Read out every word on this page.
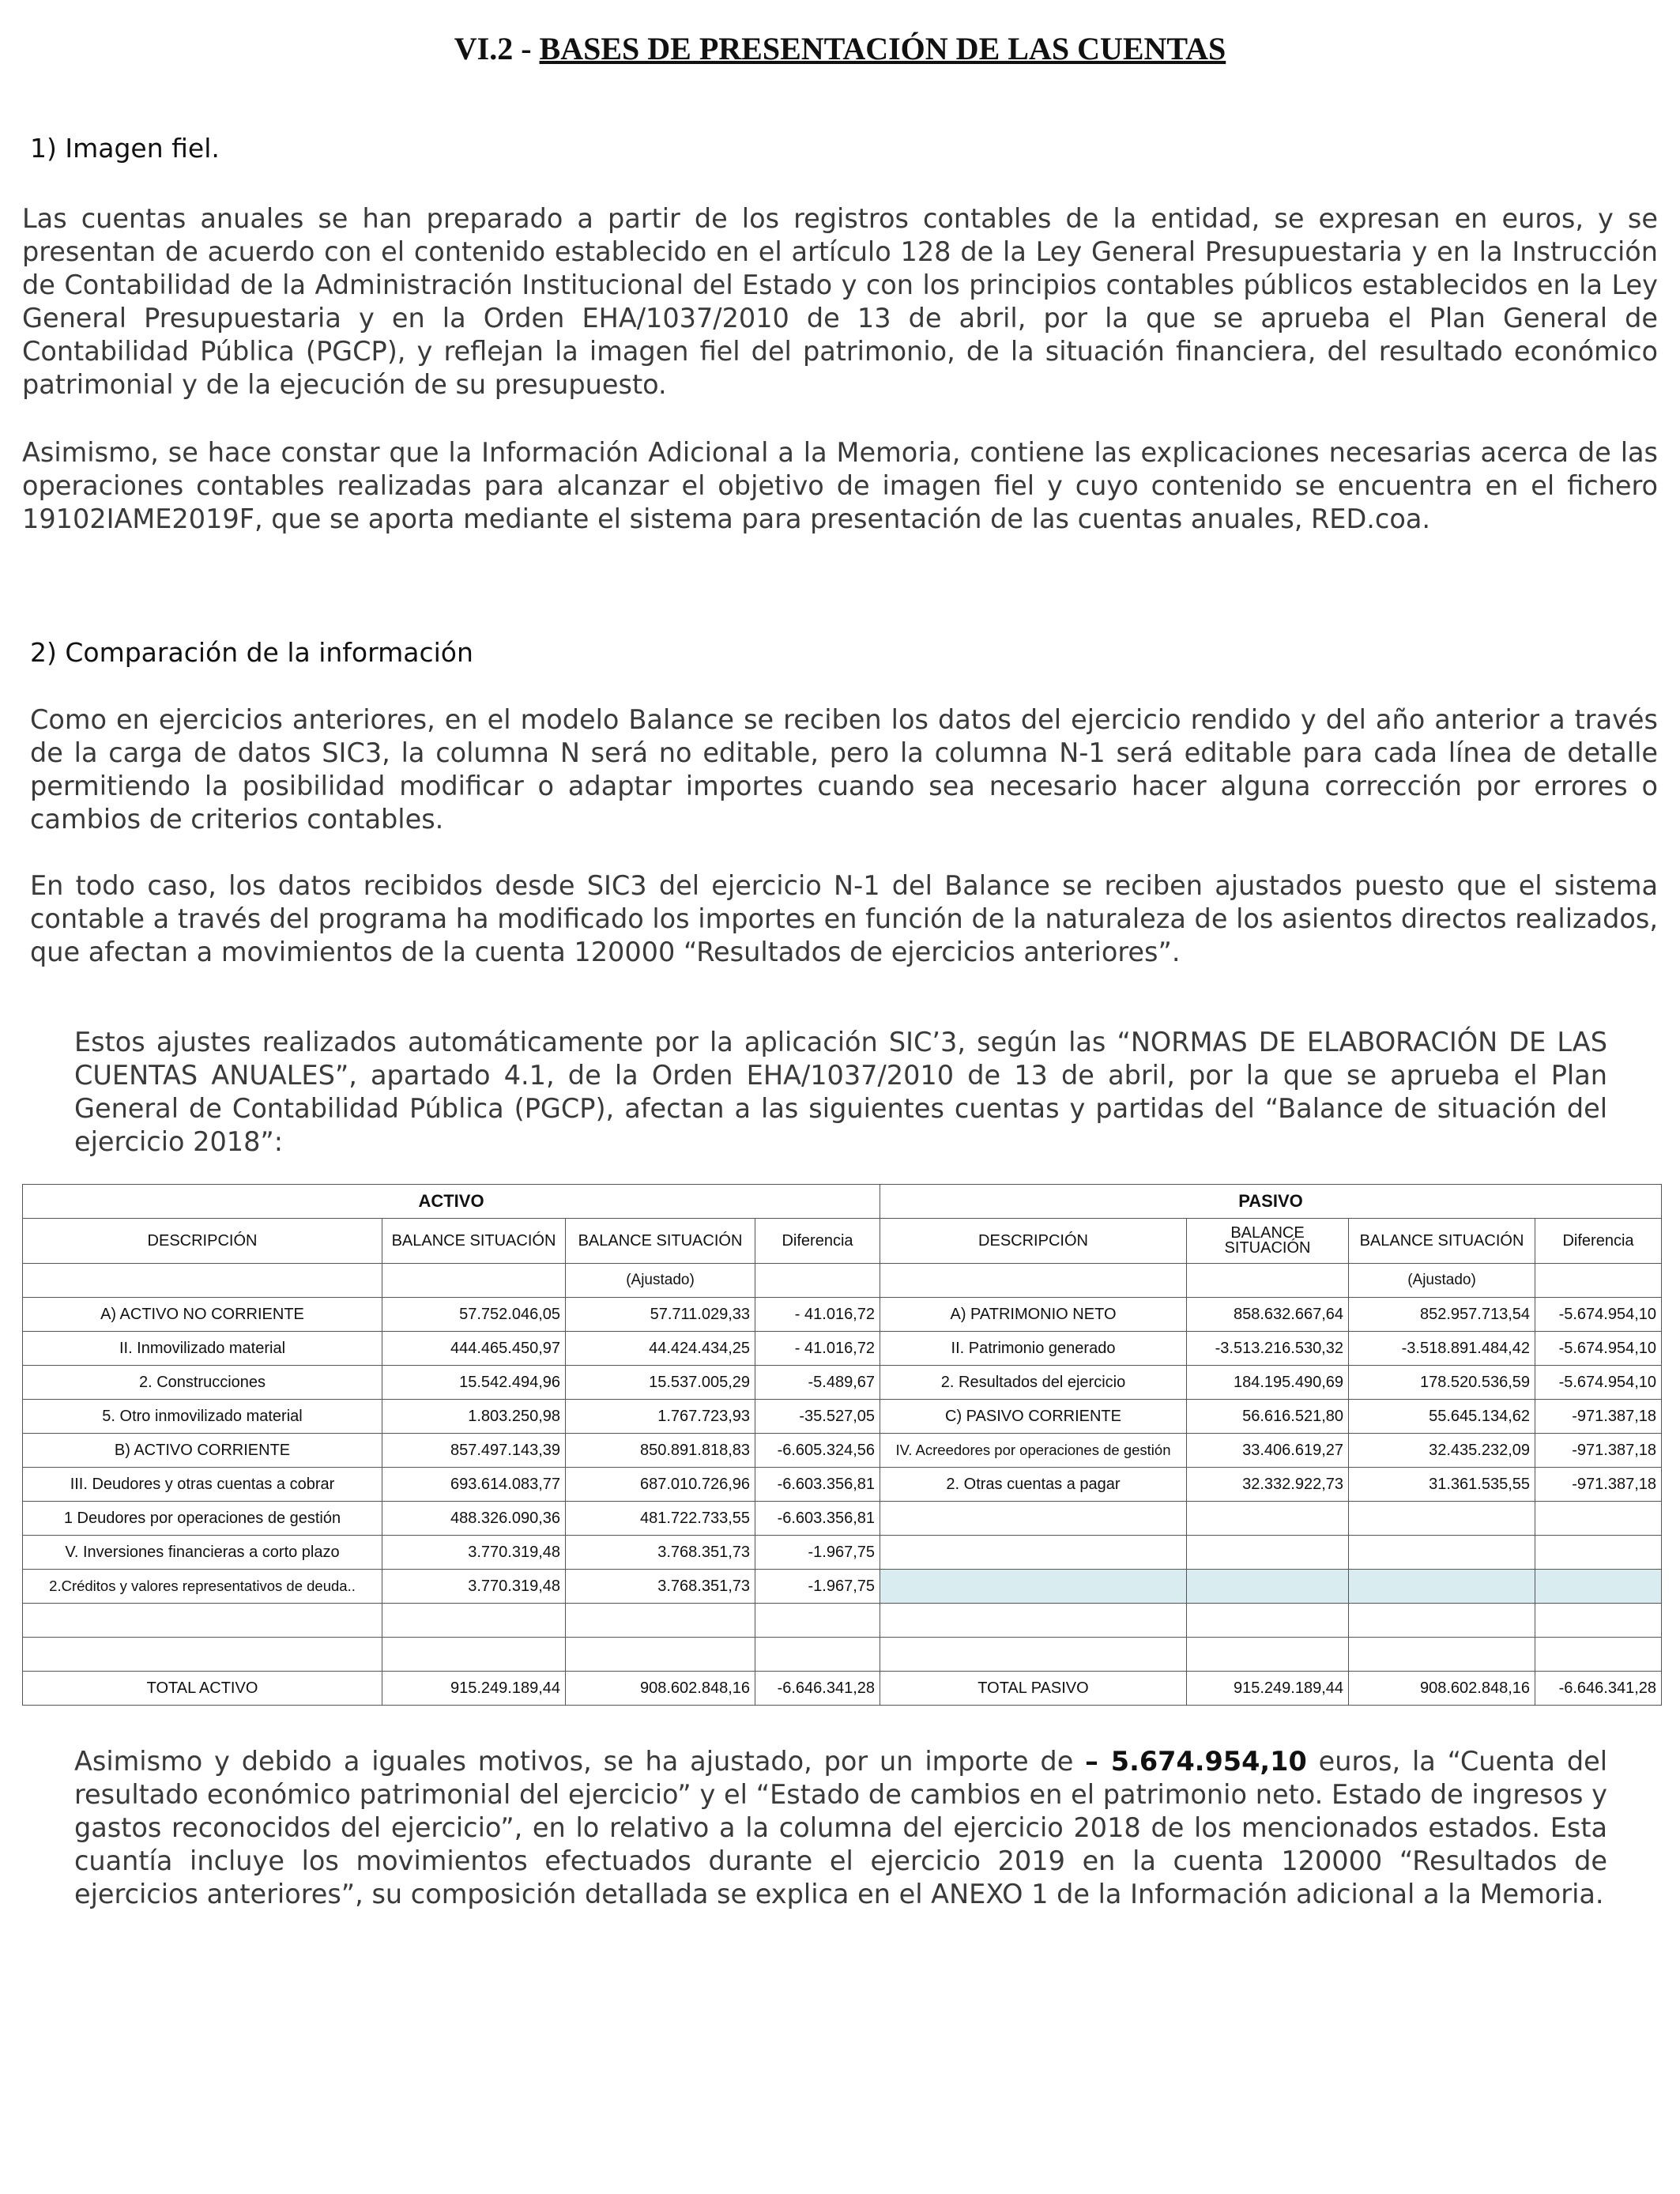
VI.2 - BASES DE PRESENTACIÓN DE LAS CUENTAS
1) Imagen fiel.
Las cuentas anuales se han preparado a partir de los registros contables de la entidad, se expresan en euros, y se presentan de acuerdo con el contenido establecido en el artículo 128 de la Ley General Presupuestaria y en la Instrucción de Contabilidad de la Administración Institucional del Estado y con los principios contables públicos establecidos en la Ley General Presupuestaria y en la Orden EHA/1037/2010 de 13 de abril, por la que se aprueba el Plan General de Contabilidad Pública (PGCP), y reflejan la imagen fiel del patrimonio, de la situación financiera, del resultado económico patrimonial y de la ejecución de su presupuesto.
Asimismo, se hace constar que la Información Adicional a la Memoria, contiene las explicaciones necesarias acerca de las operaciones contables realizadas para alcanzar el objetivo de imagen fiel y cuyo contenido se encuentra en el fichero 19102IAME2019F, que se aporta mediante el sistema para presentación de las cuentas anuales, RED.coa.
2) Comparación de la información
Como en ejercicios anteriores, en el modelo Balance se reciben los datos del ejercicio rendido y del año anterior a través de la carga de datos SIC3, la columna N será no editable, pero la columna N-1 será editable para cada línea de detalle permitiendo la posibilidad modificar o adaptar importes cuando sea necesario hacer alguna corrección por errores o cambios de criterios contables.
En todo caso, los datos recibidos desde SIC3 del ejercicio N-1 del Balance se reciben ajustados puesto que el sistema contable a través del programa ha modificado los importes en función de la naturaleza de los asientos directos realizados, que afectan a movimientos de la cuenta 120000 “Resultados de ejercicios anteriores”.
Estos ajustes realizados automáticamente por la aplicación SIC’3, según las “NORMAS DE ELABORACIÓN DE LAS CUENTAS ANUALES”, apartado 4.1, de la Orden EHA/1037/2010 de 13 de abril, por la que se aprueba el Plan General de Contabilidad Pública (PGCP), afectan a las siguientes cuentas y partidas del “Balance de situación del ejercicio 2018”:
ACTIVO				PASIVO			
DESCRIPCIÓN	BALANCE SITUACIÓN	BALANCE SITUACIÓN	Diferencia	DESCRIPCIÓN	BALANCE SITUACIÓN	BALANCE SITUACIÓN	Diferencia
		(Ajustado)				(Ajustado)	
A) ACTIVO NO CORRIENTE	57.752.046,05	57.711.029,33	- 41.016,72	A) PATRIMONIO NETO	858.632.667,64	852.957.713,54	-5.674.954,10
II. Inmovilizado material	444.465.450,97	44.424.434,25	- 41.016,72	II. Patrimonio generado	-3.513.216.530,32	-3.518.891.484,42	-5.674.954,10
2. Construcciones	15.542.494,96	15.537.005,29	-5.489,67	2. Resultados del ejercicio	184.195.490,69	178.520.536,59	-5.674.954,10
5. Otro inmovilizado material	1.803.250,98	1.767.723,93	-35.527,05	C) PASIVO CORRIENTE	56.616.521,80	55.645.134,62	-971.387,18
B) ACTIVO CORRIENTE	857.497.143,39	850.891.818,83	-6.605.324,56	IV. Acreedores por operaciones de gestión	33.406.619,27	32.435.232,09	-971.387,18
III. Deudores y otras cuentas a cobrar	693.614.083,77	687.010.726,96	-6.603.356,81	2. Otras cuentas a pagar	32.332.922,73	31.361.535,55	-971.387,18
1 Deudores por operaciones de gestión	488.326.090,36	481.722.733,55	-6.603.356,81				
V. Inversiones financieras a corto plazo	3.770.319,48	3.768.351,73	-1.967,75				
2.Créditos y valores representativos de deuda..	3.770.319,48	3.768.351,73	-1.967,75				

TOTAL ACTIVO	915.249.189,44	908.602.848,16	-6.646.341,28	TOTAL PASIVO	915.249.189,44	908.602.848,16	-6.646.341,28
Asimismo y debido a iguales motivos, se ha ajustado, por un importe de – 5.674.954,10 euros, la “Cuenta del resultado económico patrimonial del ejercicio” y el “Estado de cambios en el patrimonio neto. Estado de ingresos y gastos reconocidos del ejercicio”, en lo relativo a la columna del ejercicio 2018 de los mencionados estados. Esta cuantía incluye los movimientos efectuados durante el ejercicio 2019 en la cuenta 120000 “Resultados de ejercicios anteriores”, su composición detallada se explica en el ANEXO 1 de la Información adicional a la Memoria.
